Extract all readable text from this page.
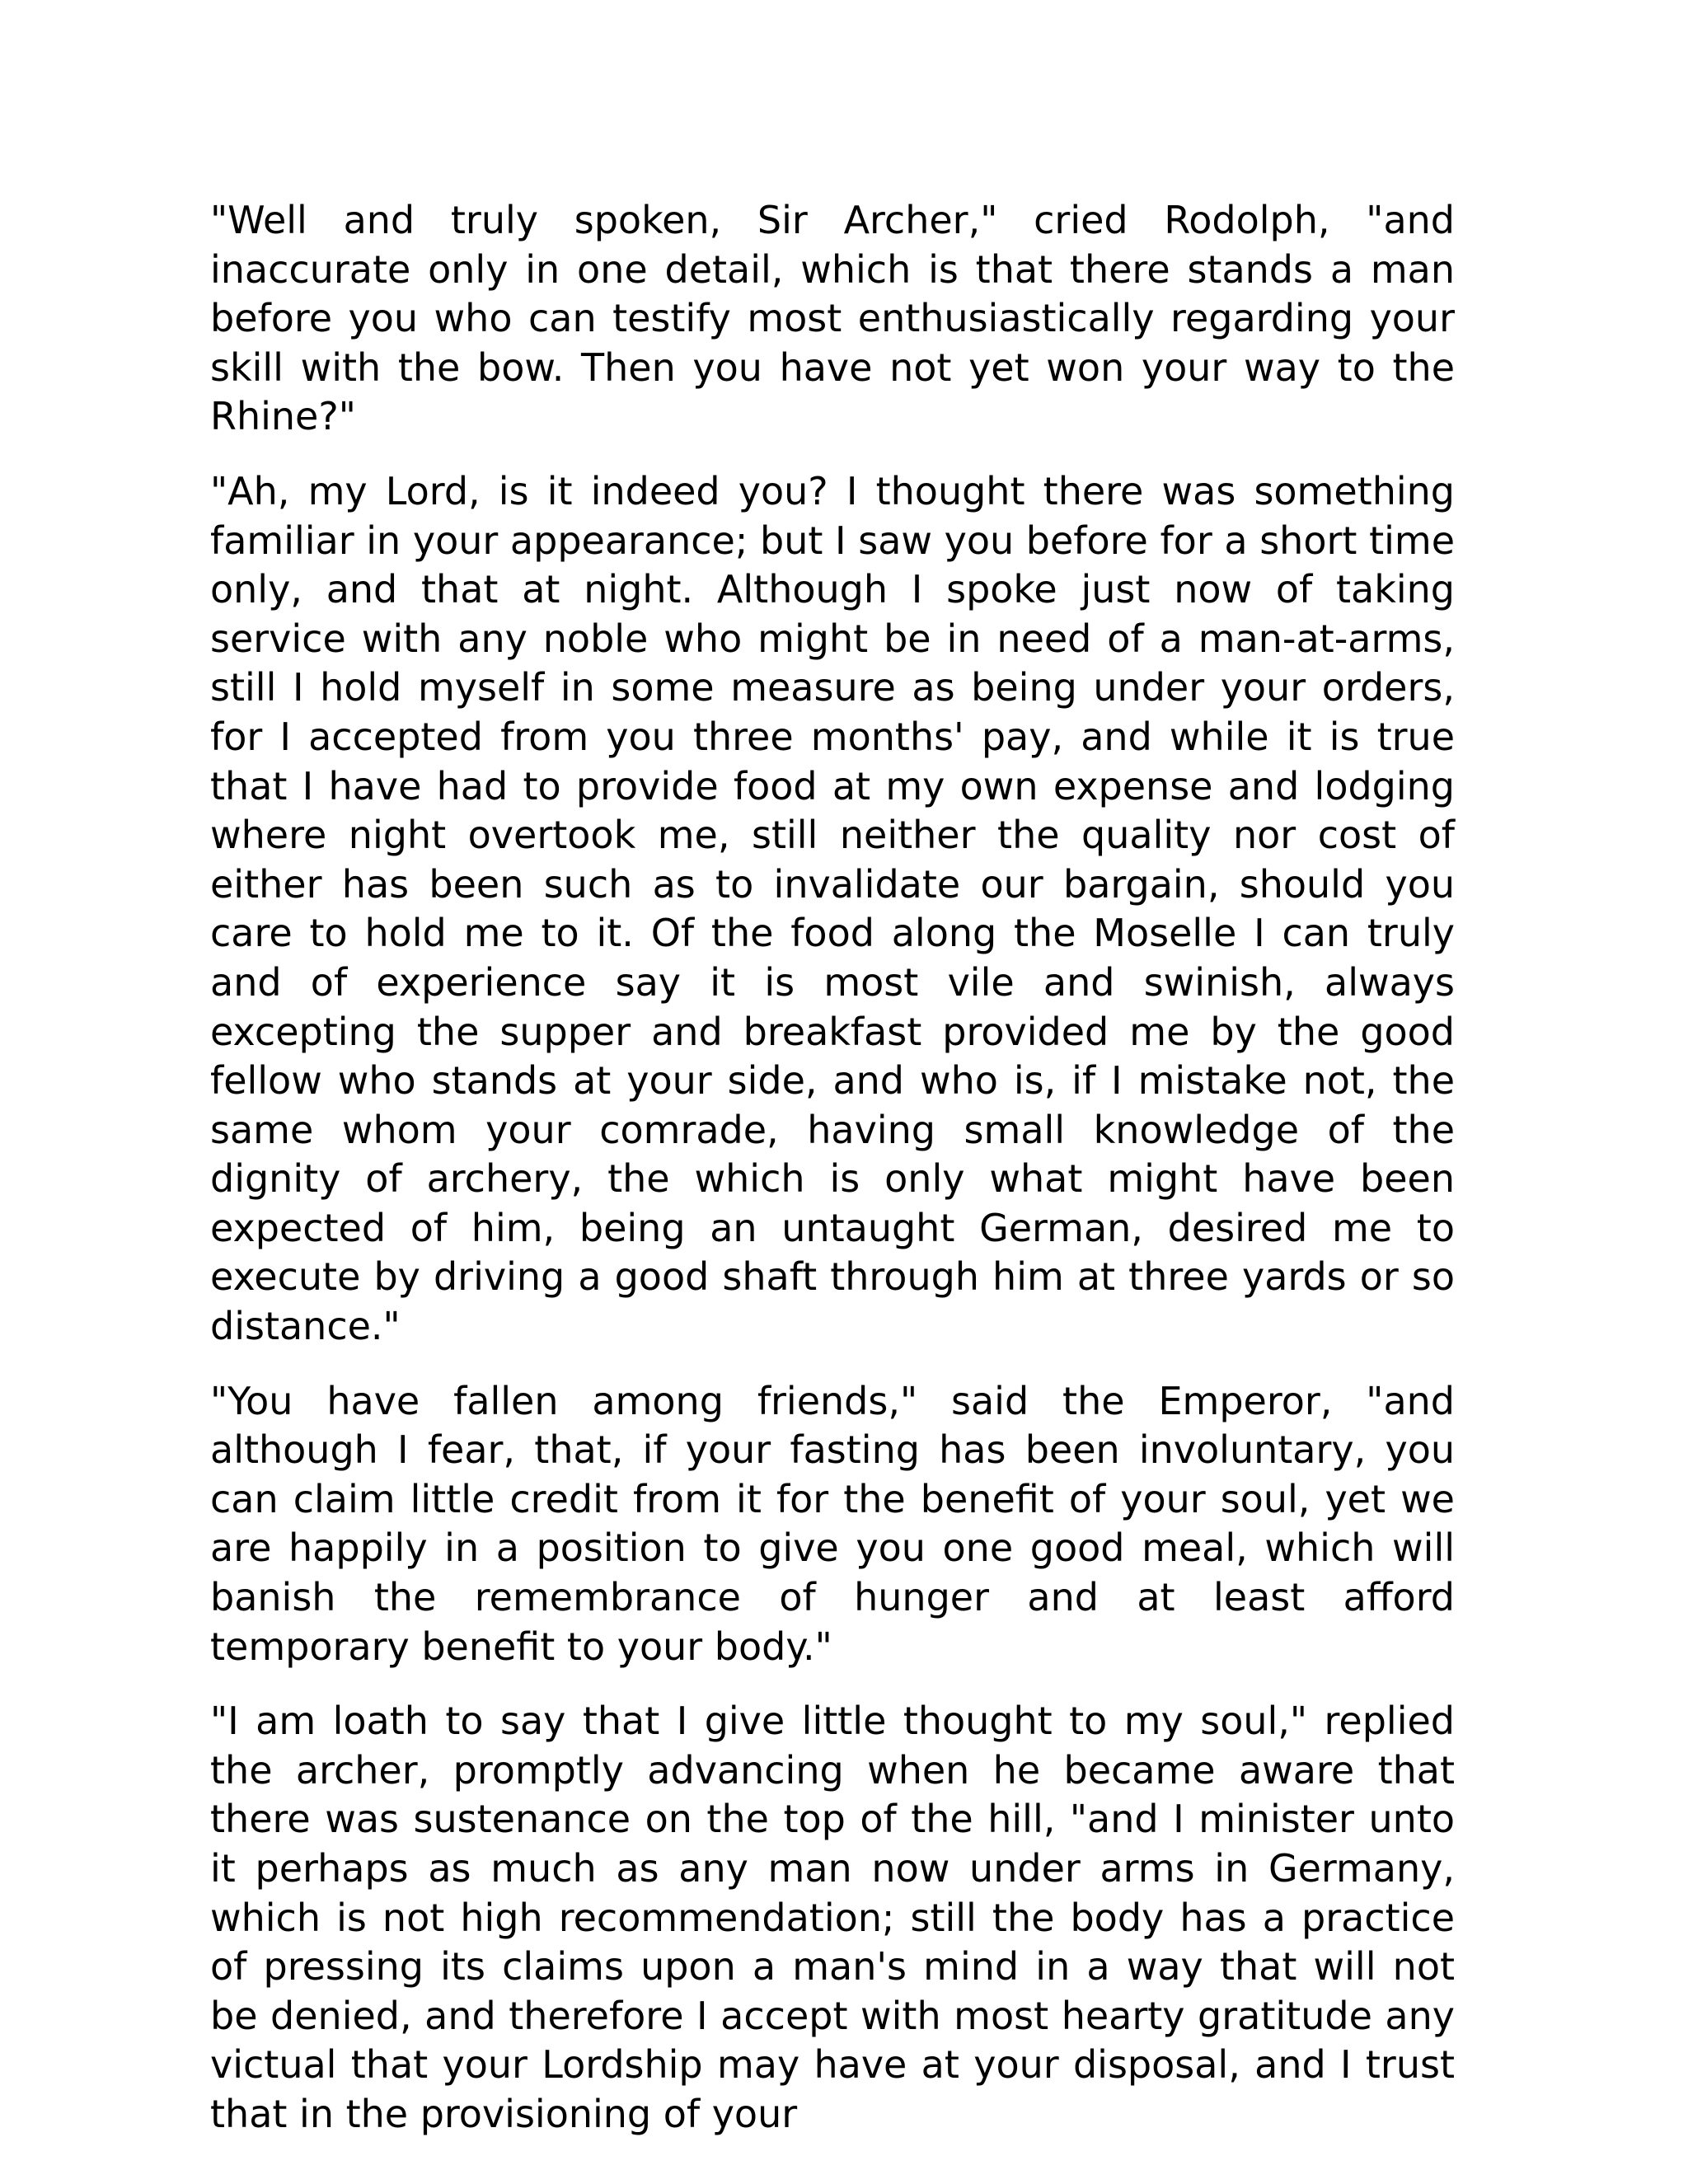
"Well and truly spoken, Sir Archer," cried Rodolph, "and inaccurate only in one detail, which is that there stands a man before you who can testify most enthusiastically regarding your skill with the bow. Then you have not yet won your way to the Rhine?"

"Ah, my Lord, is it indeed you? I thought there was something familiar in your appearance; but I saw you before for a short time only, and that at night. Although I spoke just now of taking service with any noble who might be in need of a man-at-arms, still I hold myself in some measure as being under your orders, for I accepted from you three months' pay, and while it is true that I have had to provide food at my own expense and lodging where night overtook me, still neither the quality nor cost of either has been such as to invalidate our bargain, should you care to hold me to it. Of the food along the Moselle I can truly and of experience say it is most vile and swinish, always excepting the supper and breakfast provided me by the good fellow who stands at your side, and who is, if I mistake not, the same whom your comrade, having small knowledge of the dignity of archery, the which is only what might have been expected of him, being an untaught German, desired me to execute by driving a good shaft through him at three yards or so distance."

"You have fallen among friends," said the Emperor, "and although I fear, that, if your fasting has been involuntary, you can claim little credit from it for the benefit of your soul, yet we are happily in a position to give you one good meal, which will banish the remembrance of hunger and at least afford temporary benefit to your body."

"I am loath to say that I give little thought to my soul," replied the archer, promptly advancing when he became aware that there was sustenance on the top of the hill, "and I minister unto it perhaps as much as any man now under arms in Germany, which is not high recommendation; still the body has a practice of pressing its claims upon a man's mind in a way that will not be denied, and therefore I accept with most hearty gratitude any victual that your Lordship may have at your disposal, and I trust that in the provisioning of your
